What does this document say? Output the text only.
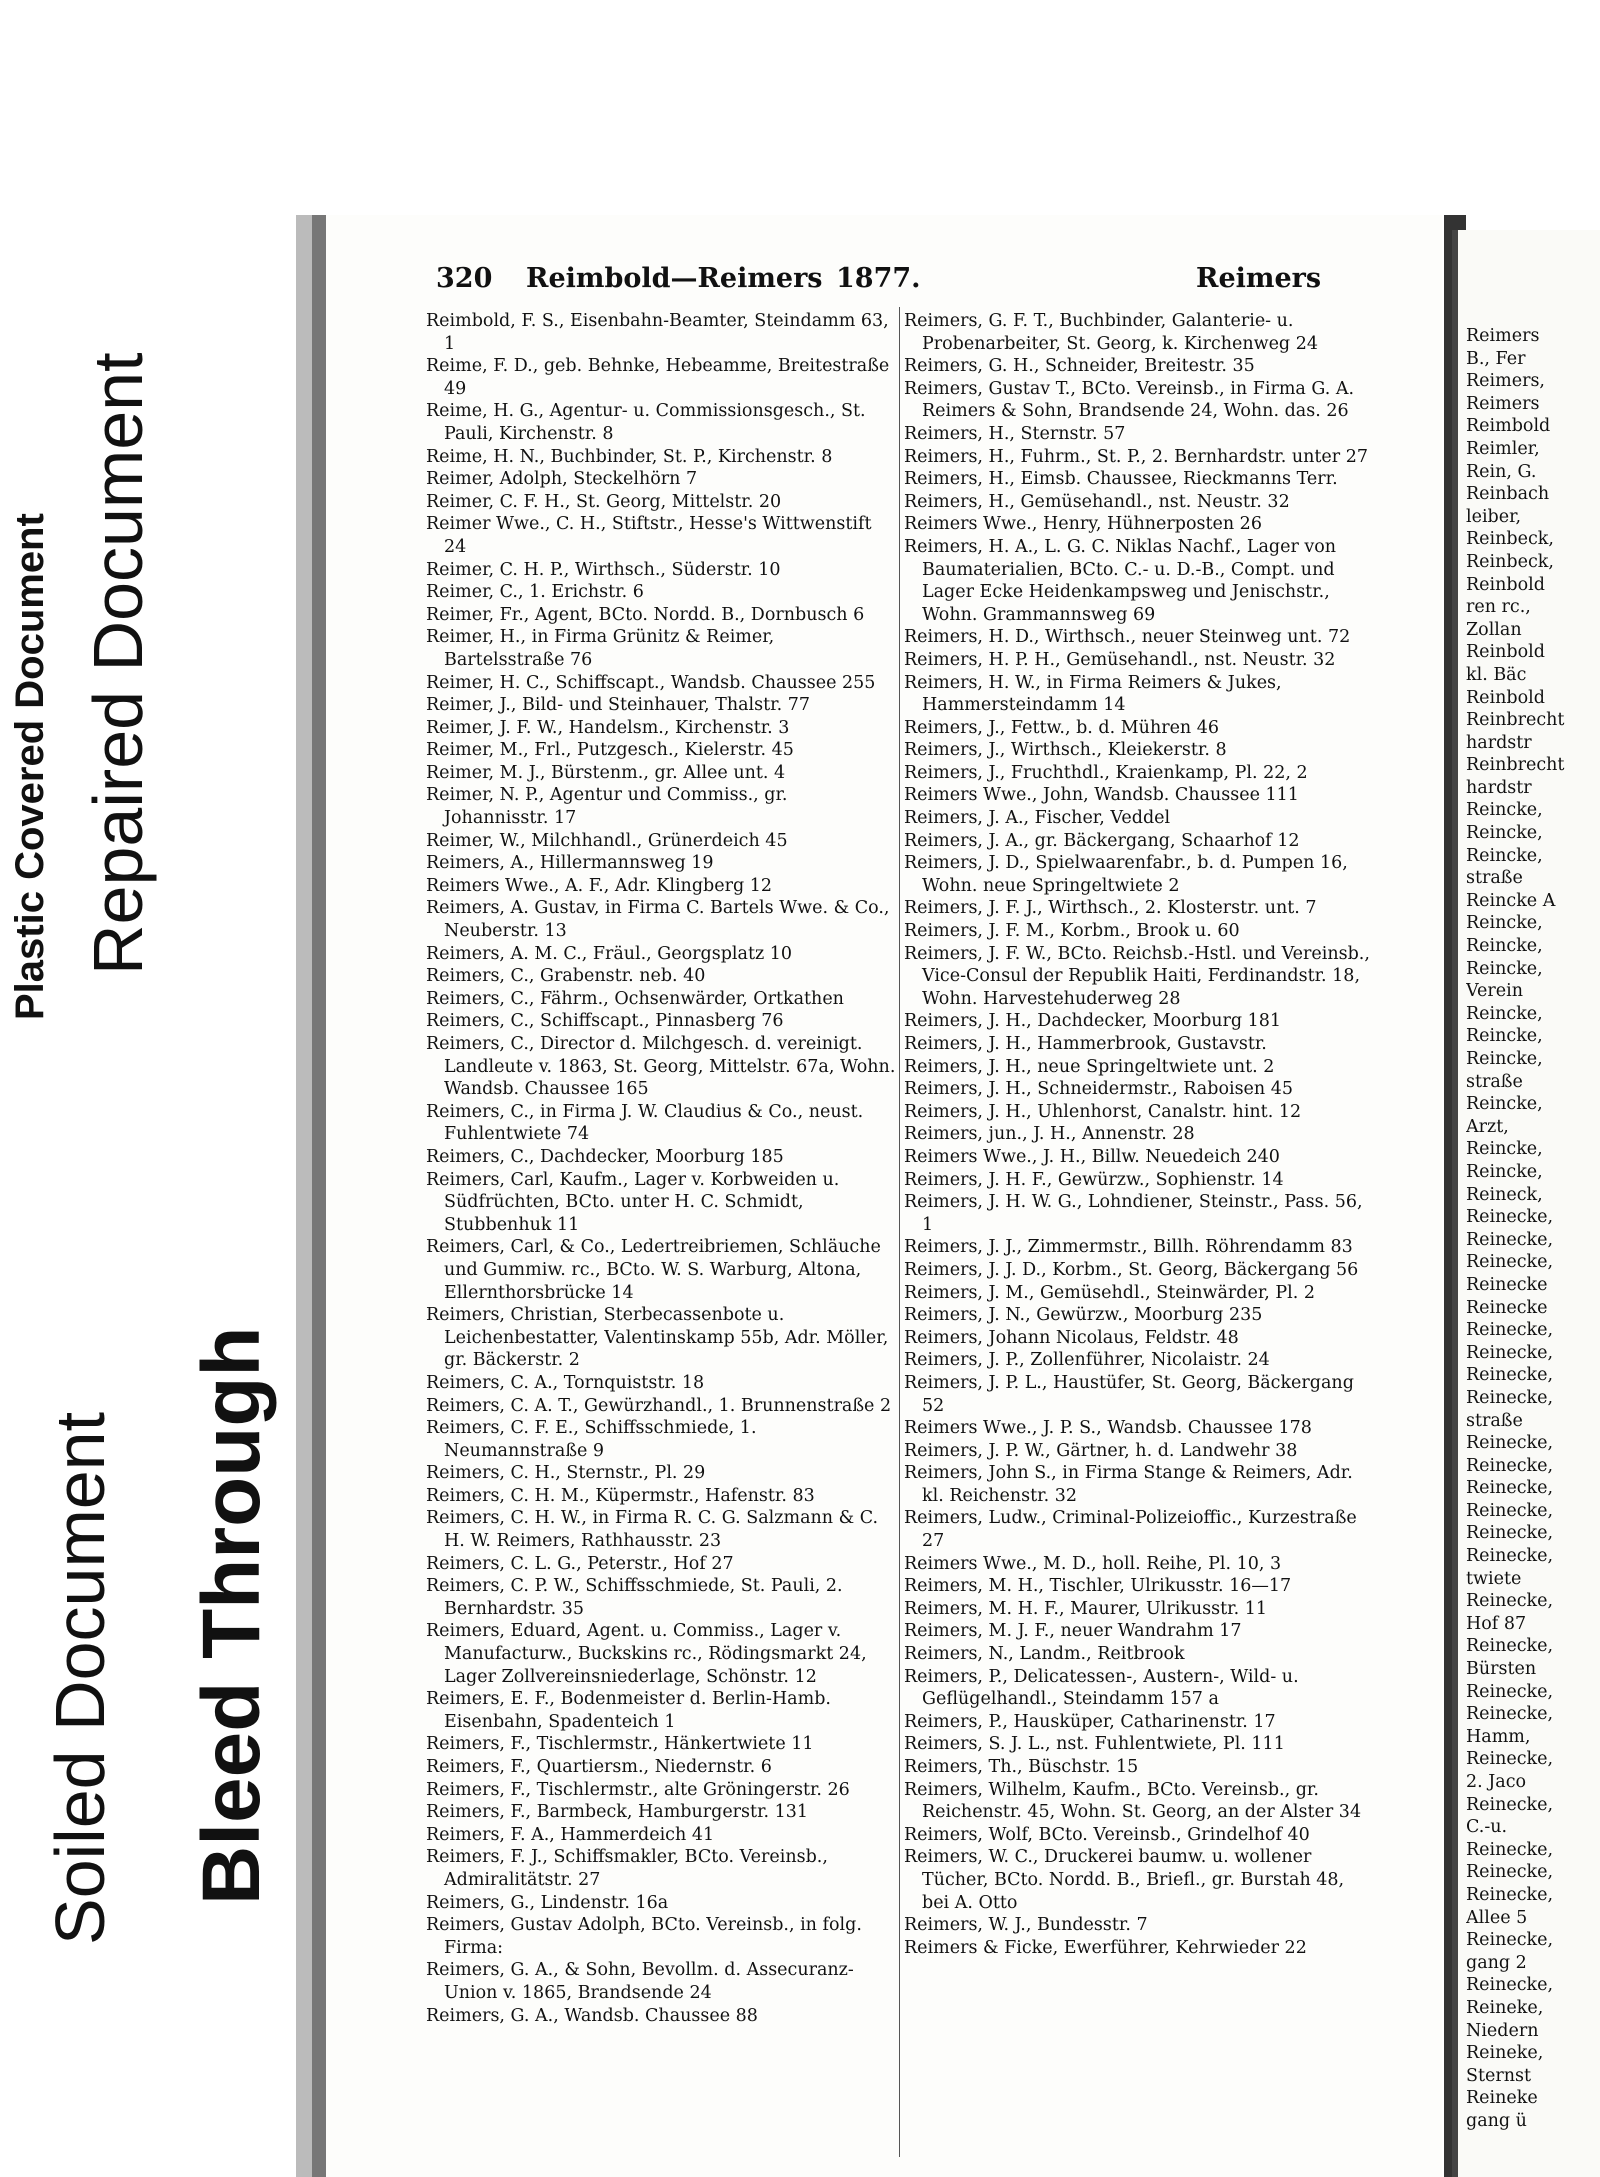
Plastic Covered Document Repaired Document
Soiled Document Bleed Through
320 Reimbold—Reimers 1877.	Reimers
Reimbold, F. S., Eisenbahn-Beamter, Steindamm 63, 1
Reime, F. D., geb. Behnke, Hebeamme, Breitestraße 49
Reime, H. G., Agentur- u. Commissionsgesch., St. Pauli, Kirchenstr. 8
Reime, H. N., Buchbinder, St. P., Kirchenstr. 8
Reimer, Adolph, Steckelhörn 7
Reimer, C. F. H., St. Georg, Mittelstr. 20
Reimer Wwe., C. H., Stiftstr., Hesse's Wittwenstift 24
Reimer, C. H. P., Wirthsch., Süderstr. 10
Reimer, C., 1. Erichstr. 6
Reimer, Fr., Agent, BCto. Nordd. B., Dornbusch 6
Reimer, H., in Firma Grünitz & Reimer, Bartelsstraße 76
Reimer, H. C., Schiffscapt., Wandsb. Chaussee 255
Reimer, J., Bild- und Steinhauer, Thalstr. 77
Reimer, J. F. W., Handelsm., Kirchenstr. 3
Reimer, M., Frl., Putzgesch., Kielerstr. 45
Reimer, M. J., Bürstenm., gr. Allee unt. 4
Reimer, N. P., Agentur und Commiss., gr. Johannisstr. 17
Reimer, W., Milchhandl., Grünerdeich 45
Reimers, A., Hillermannsweg 19
Reimers Wwe., A. F., Adr. Klingberg 12
Reimers, A. Gustav, in Firma C. Bartels Wwe. & Co., Neuberstr. 13
Reimers, A. M. C., Fräul., Georgsplatz 10
Reimers, C., Grabenstr. neb. 40
Reimers, C., Fährm., Ochsenwärder, Ortkathen
Reimers, C., Schiffscapt., Pinnasberg 76
Reimers, C., Director d. Milchgesch. d. vereinigt. Landleute v. 1863, St. Georg, Mittelstr. 67a, Wohn. Wandsb. Chaussee 165
Reimers, C., in Firma J. W. Claudius & Co., neust. Fuhlentwiete 74
Reimers, C., Dachdecker, Moorburg 185
Reimers, Carl, Kaufm., Lager v. Korbweiden u. Südfrüchten, BCto. unter H. C. Schmidt, Stubbenhuk 11
Reimers, Carl, & Co., Ledertreibriemen, Schläuche und Gummiw. rc., BCto. W. S. Warburg, Altona, Ellernthorsbrücke 14
Reimers, Christian, Sterbecassenbote u. Leichenbestatter, Valentinskamp 55b, Adr. Möller, gr. Bäckerstr. 2
Reimers, C. A., Tornquiststr. 18
Reimers, C. A. T., Gewürzhandl., 1. Brunnenstraße 2
Reimers, C. F. E., Schiffsschmiede, 1. Neumannstraße 9
Reimers, C. H., Sternstr., Pl. 29
Reimers, C. H. M., Küpermstr., Hafenstr. 83
Reimers, C. H. W., in Firma R. C. G. Salzmann & C. H. W. Reimers, Rathhausstr. 23
Reimers, C. L. G., Peterstr., Hof 27
Reimers, C. P. W., Schiffsschmiede, St. Pauli, 2. Bernhardstr. 35
Reimers, Eduard, Agent. u. Commiss., Lager v. Manufacturw., Buckskins rc., Rödingsmarkt 24, Lager Zollvereinsniederlage, Schönstr. 12
Reimers, E. F., Bodenmeister d. Berlin-Hamb. Eisenbahn, Spadenteich 1
Reimers, F., Tischlermstr., Hänkertwiete 11
Reimers, F., Quartiersm., Niedernstr. 6
Reimers, F., Tischlermstr., alte Gröningerstr. 26
Reimers, F., Barmbeck, Hamburgerstr. 131
Reimers, F. A., Hammerdeich 41
Reimers, F. J., Schiffsmakler, BCto. Vereinsb., Admiralitätstr. 27
Reimers, G., Lindenstr. 16a
Reimers, Gustav Adolph, BCto. Vereinsb., in folg. Firma:
Reimers, G. A., & Sohn, Bevollm. d. Assecuranz-Union v. 1865, Brandsende 24
Reimers, G. A., Wandsb. Chaussee 88
Reimers, G. F. T., Buchbinder, Galanterie- u. Probenarbeiter, St. Georg, k. Kirchenweg 24
Reimers, G. H., Schneider, Breitestr. 35
Reimers, Gustav T., BCto. Vereinsb., in Firma G. A. Reimers & Sohn, Brandsende 24, Wohn. das. 26
Reimers, H., Sternstr. 57
Reimers, H., Fuhrm., St. P., 2. Bernhardstr. unter 27
Reimers, H., Eimsb. Chaussee, Rieckmanns Terr.
Reimers, H., Gemüsehandl., nst. Neustr. 32
Reimers Wwe., Henry, Hühnerposten 26
Reimers, H. A., L. G. C. Niklas Nachf., Lager von Baumaterialien, BCto. C.- u. D.-B., Compt. und Lager Ecke Heidenkampsweg und Jenischstr., Wohn. Grammannsweg 69
Reimers, H. D., Wirthsch., neuer Steinweg unt. 72
Reimers, H. P. H., Gemüsehandl., nst. Neustr. 32
Reimers, H. W., in Firma Reimers & Jukes, Hammersteindamm 14
Reimers, J., Fettw., b. d. Mühren 46
Reimers, J., Wirthsch., Kleiekerstr. 8
Reimers, J., Fruchthdl., Kraienkamp, Pl. 22, 2
Reimers Wwe., John, Wandsb. Chaussee 111
Reimers, J. A., Fischer, Veddel
Reimers, J. A., gr. Bäckergang, Schaarhof 12
Reimers, J. D., Spielwaarenfabr., b. d. Pumpen 16, Wohn. neue Springeltwiete 2
Reimers, J. F. J., Wirthsch., 2. Klosterstr. unt. 7
Reimers, J. F. M., Korbm., Brook u. 60
Reimers, J. F. W., BCto. Reichsb.-Hstl. und Vereinsb., Vice-Consul der Republik Haiti, Ferdinandstr. 18, Wohn. Harvestehuderweg 28
Reimers, J. H., Dachdecker, Moorburg 181
Reimers, J. H., Hammerbrook, Gustavstr.
Reimers, J. H., neue Springeltwiete unt. 2
Reimers, J. H., Schneidermstr., Raboisen 45
Reimers, J. H., Uhlenhorst, Canalstr. hint. 12
Reimers, jun., J. H., Annenstr. 28
Reimers Wwe., J. H., Billw. Neuedeich 240
Reimers, J. H. F., Gewürzw., Sophienstr. 14
Reimers, J. H. W. G., Lohndiener, Steinstr., Pass. 56, 1
Reimers, J. J., Zimmermstr., Billh. Röhrendamm 83
Reimers, J. J. D., Korbm., St. Georg, Bäckergang 56
Reimers, J. M., Gemüsehdl., Steinwärder, Pl. 2
Reimers, J. N., Gewürzw., Moorburg 235
Reimers, Johann Nicolaus, Feldstr. 48
Reimers, J. P., Zollenführer, Nicolaistr. 24
Reimers, J. P. L., Haustüfer, St. Georg, Bäckergang 52
Reimers Wwe., J. P. S., Wandsb. Chaussee 178
Reimers, J. P. W., Gärtner, h. d. Landwehr 38
Reimers, John S., in Firma Stange & Reimers, Adr. kl. Reichenstr. 32
Reimers, Ludw., Criminal-Polizeioffic., Kurzestraße 27
Reimers Wwe., M. D., holl. Reihe, Pl. 10, 3
Reimers, M. H., Tischler, Ulrikusstr. 16—17
Reimers, M. H. F., Maurer, Ulrikusstr. 11
Reimers, M. J. F., neuer Wandrahm 17
Reimers, N., Landm., Reitbrook
Reimers, P., Delicatessen-, Austern-, Wild- u. Geflügelhandl., Steindamm 157 a
Reimers, P., Hausküper, Catharinenstr. 17
Reimers, S. J. L., nst. Fuhlentwiete, Pl. 111
Reimers, Th., Büschstr. 15
Reimers, Wilhelm, Kaufm., BCto. Vereinsb., gr. Reichenstr. 45, Wohn. St. Georg, an der Alster 34
Reimers, Wolf, BCto. Vereinsb., Grindelhof 40
Reimers, W. C., Druckerei baumw. u. wollener Tücher, BCto. Nordd. B., Briefl., gr. Burstah 48, bei A. Otto
Reimers, W. J., Bundesstr. 7
Reimers & Ficke, Ewerführer, Kehrwieder 22
Reimers
B., Fer
Reimers,
Reimers
Reimbold
Reimler,
Rein, G.
Reinbach
leiber,
Reinbeck,
Reinbeck,
Reinbold
ren rc.,
Zollan
Reinbold
kl. Bäc
Reinbold
Reinbrecht
hardstr
Reinbrecht
hardstr
Reincke,
Reincke,
Reincke,
straße
Reincke A
Reincke,
Reincke,
Reincke,
Verein
Reincke,
Reincke,
Reincke,
straße
Reincke,
Arzt,
Reincke,
Reincke,
Reineck,
Reinecke,
Reinecke,
Reinecke,
Reinecke
Reinecke
Reinecke,
Reinecke,
Reinecke,
Reinecke,
straße
Reinecke,
Reinecke,
Reinecke,
Reinecke,
Reinecke,
Reinecke,
twiete
Reinecke,
Hof 87
Reinecke,
Bürsten
Reinecke,
Reinecke,
Hamm,
Reinecke,
2. Jaco
Reinecke,
C.-u.
Reinecke,
Reinecke,
Reinecke,
Allee 5
Reinecke,
gang 2
Reinecke,
Reineke,
Niedern
Reineke,
Sternst
Reineke
gang ü
